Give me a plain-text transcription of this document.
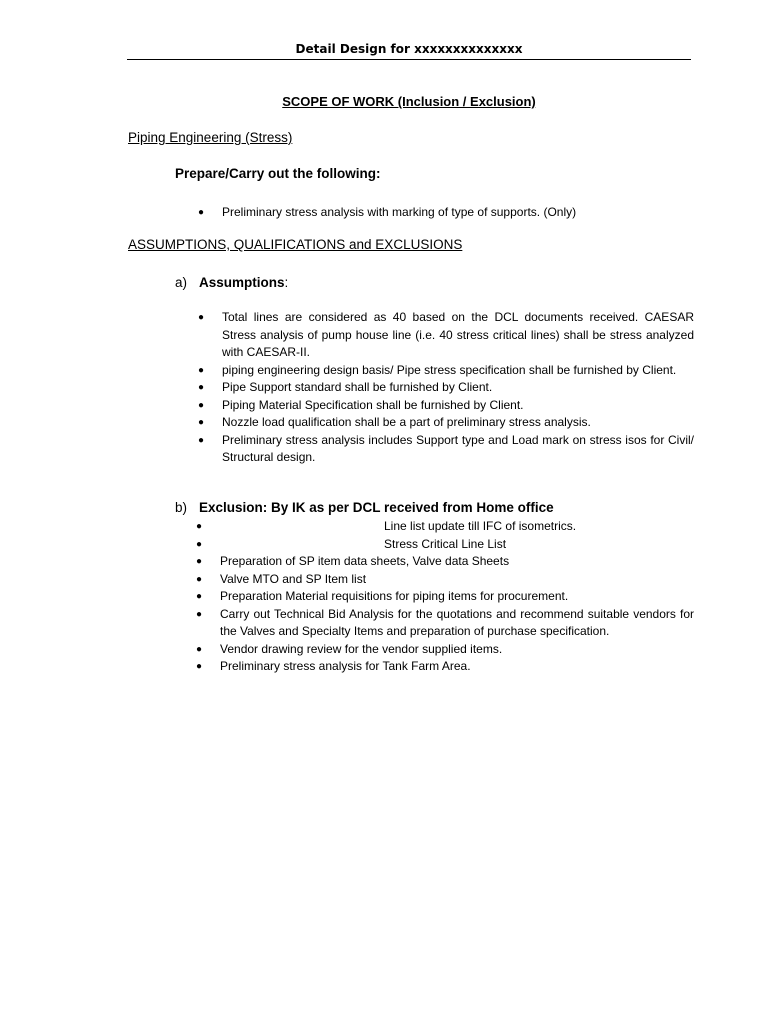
Detail Design for xxxxxxxxxxxxxx
SCOPE OF WORK (Inclusion / Exclusion)
Piping Engineering (Stress)
Prepare/Carry out the following:
● Preliminary stress analysis with marking of type of supports. (Only)
ASSUMPTIONS, QUALIFICATIONS and EXCLUSIONS
a) Assumptions:
● Total lines are considered as 40 based on the DCL documents received. CAESAR Stress analysis of pump house line (i.e. 40 stress critical lines) shall be stress analyzed with CAESAR-II.
● piping engineering design basis/ Pipe stress specification shall be furnished by Client.
● Pipe Support standard shall be furnished by Client.
● Piping Material Specification shall be furnished by Client.
● Nozzle load qualification shall be a part of preliminary stress analysis.
● Preliminary stress analysis includes Support type and Load mark on stress isos for Civil/ Structural design.
b) Exclusion: By IK as per DCL received from Home office
●	Line list update till IFC of isometrics.
●	Stress Critical Line List
● Preparation of SP item data sheets, Valve data Sheets
● Valve MTO and SP Item list
● Preparation Material requisitions for piping items for procurement.
● Carry out Technical Bid Analysis for the quotations and recommend suitable vendors for the Valves and Specialty Items and preparation of purchase specification.
● Vendor drawing review for the vendor supplied items.
● Preliminary stress analysis for Tank Farm Area.
